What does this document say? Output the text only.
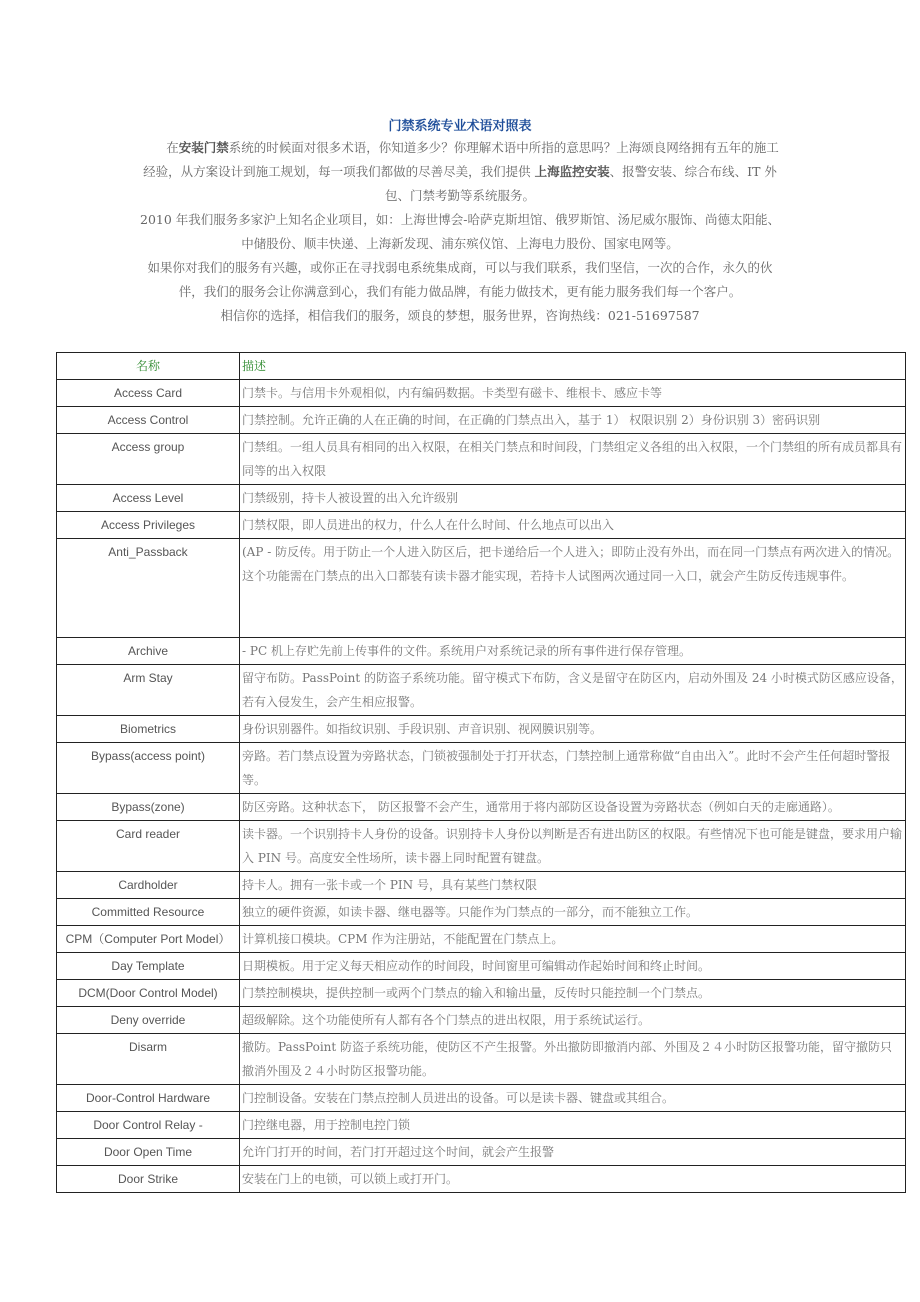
门禁系统专业术语对照表

　　在安装门禁系统的时候面对很多术语，你知道多少？你理解术语中所指的意思吗？上海颂良网络拥有五年的施工经验，从方案设计到施工规划，每一项我们都做的尽善尽美，我们提供 上海监控安装、报警安装、综合布线、IT 外包、门禁考勤等系统服务。

2010 年我们服务多家沪上知名企业项目，如：上海世博会-哈萨克斯坦馆、俄罗斯馆、汤尼威尔服饰、尚德太阳能、中储股份、顺丰快递、上海新发现、浦东殡仪馆、上海电力股份、国家电网等。

如果你对我们的服务有兴趣，或你正在寻找弱电系统集成商，可以与我们联系，我们坚信，一次的合作，永久的伙伴，我们的服务会让你满意到心，我们有能力做品牌，有能力做技术，更有能力服务我们每一个客户。

相信你的选择，相信我们的服务，颂良的梦想，服务世界，咨询热线：021-51697587

名称	描述
Access Card	门禁卡。与信用卡外观相似，内有编码数据。卡类型有磁卡、维根卡、感应卡等
Access Control	门禁控制。允许正确的人在正确的时间，在正确的门禁点出入，基于 1） 权限识别 2）身份识别 3）密码识别
Access group	门禁组。一组人员具有相同的出入权限，在相关门禁点和时间段，门禁组定义各组的出入权限，一个门禁组的所有成员都具有同等的出入权限
Access Level	门禁级别，持卡人被设置的出入允许级别
Access Privileges	门禁权限，即人员进出的权力，什么人在什么时间、什么地点可以出入
Anti_Passback	(AP - 防反传。用于防止一个人进入防区后，把卡递给后一个人进入；即防止没有外出，而在同一门禁点有两次进入的情况。这个功能需在门禁点的出入口都装有读卡器才能实现，若持卡人试图两次通过同一入口，就会产生防反传违规事件。
Archive	- PC 机上存贮先前上传事件的文件。系统用户对系统记录的所有事件进行保存管理。
Arm Stay	留守布防。PassPoint 的防盗子系统功能。留守模式下布防，含义是留守在防区内，启动外围及 24 小时模式防区感应设备，若有入侵发生，会产生相应报警。
Biometrics	身份识别器件。如指纹识别、手段识别、声音识别、视网膜识别等。
Bypass(access point)	旁路。若门禁点设置为旁路状态，门锁被强制处于打开状态，门禁控制上通常称做“自由出入”。此时不会产生任何超时警报等。
Bypass(zone)	防区旁路。这种状态下， 防区报警不会产生，通常用于将内部防区设备设置为旁路状态（例如白天的走廊通路）。
Card reader	读卡器。一个识别持卡人身份的设备。识别持卡人身份以判断是否有进出防区的权限。有些情况下也可能是键盘，要求用户输入 PIN 号。高度安全性场所，读卡器上同时配置有键盘。
Cardholder	持卡人。拥有一张卡或一个 PIN 号，具有某些门禁权限
Committed Resource	独立的硬件资源，如读卡器、继电器等。只能作为门禁点的一部分，而不能独立工作。
CPM（Computer Port Model）	计算机接口模块。CPM 作为注册站，不能配置在门禁点上。
Day Template	日期模板。用于定义每天相应动作的时间段，时间窗里可编辑动作起始时间和终止时间。
DCM(Door Control Model)	门禁控制模块，提供控制一或两个门禁点的输入和输出量，反传时只能控制一个门禁点。
Deny override	超级解除。这个功能使所有人都有各个门禁点的进出权限，用于系统试运行。
Disarm	撤防。PassPoint 防盗子系统功能，使防区不产生报警。外出撤防即撤消内部、外围及２４小时防区报警功能，留守撤防只撤消外围及２４小时防区报警功能。
Door-Control Hardware	门控制设备。安装在门禁点控制人员进出的设备。可以是读卡器、键盘或其组合。
Door Control Relay -	门控继电器，用于控制电控门锁
Door Open Time	允许门打开的时间，若门打开超过这个时间，就会产生报警
Door Strike	安装在门上的电锁，可以锁上或打开门。
